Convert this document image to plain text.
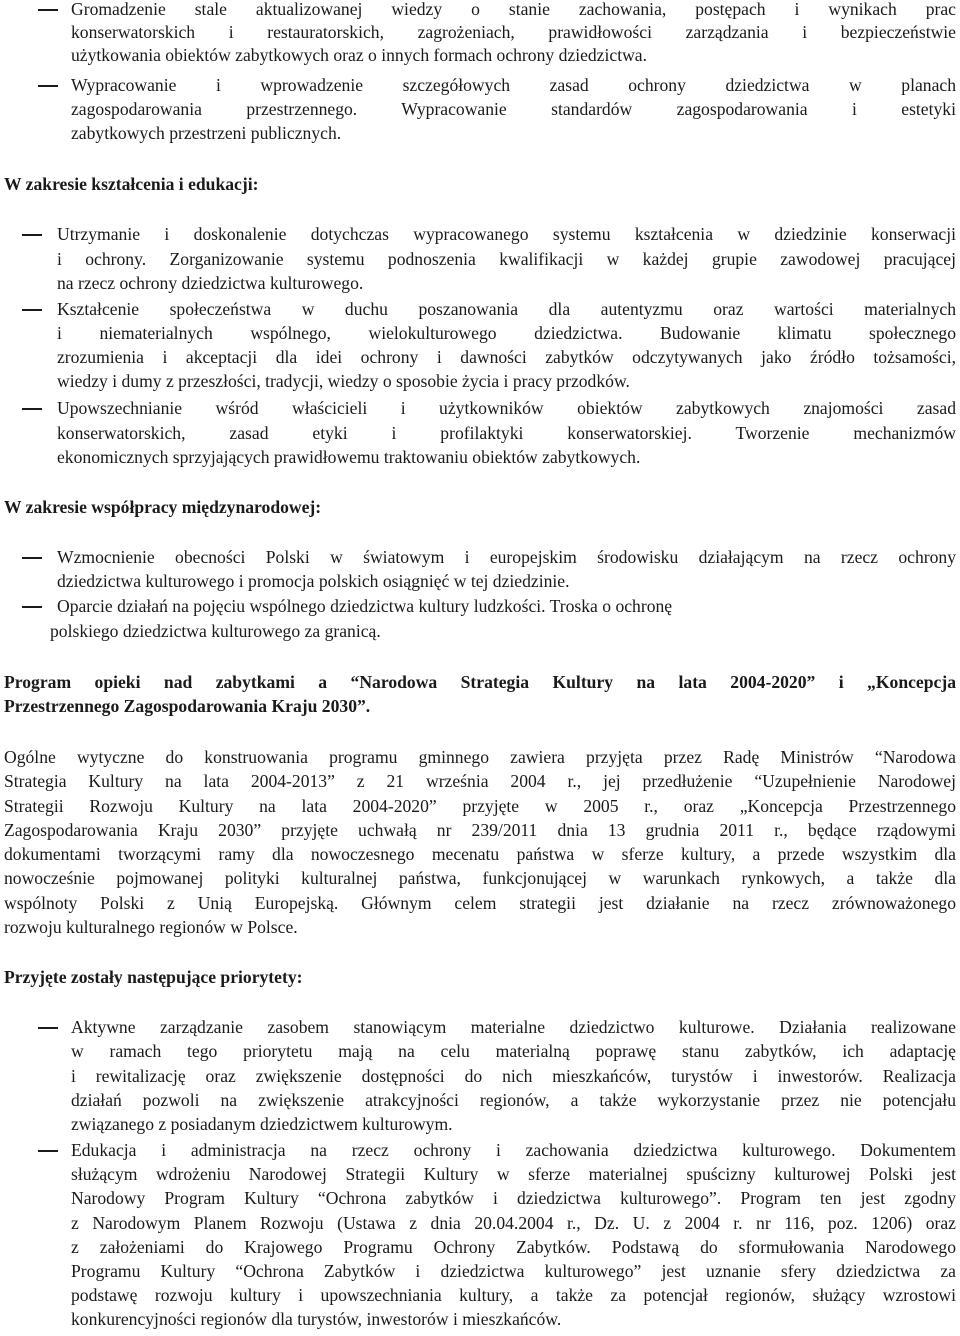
Gromadzenie stale aktualizowanej wiedzy o stanie zachowania, postępach i wynikach prac
konserwatorskich i restauratorskich, zagrożeniach, prawidłowości zarządzania i bezpieczeństwie
użytkowania obiektów zabytkowych oraz o innych formach ochrony dziedzictwa.
Wypracowanie i wprowadzenie szczegółowych zasad ochrony dziedzictwa w planach
zagospodarowania przestrzennego. Wypracowanie standardów zagospodarowania i estetyki
zabytkowych przestrzeni publicznych.
W zakresie kształcenia i edukacji:
Utrzymanie i doskonalenie dotychczas wypracowanego systemu kształcenia w dziedzinie konserwacji
i ochrony. Zorganizowanie systemu podnoszenia kwalifikacji w każdej grupie zawodowej pracującej
na rzecz ochrony dziedzictwa kulturowego.
Kształcenie społeczeństwa w duchu poszanowania dla autentyzmu oraz wartości materialnych
i niematerialnych wspólnego, wielokulturowego dziedzictwa. Budowanie klimatu społecznego
zrozumienia i akceptacji dla idei ochrony i dawności zabytków odczytywanych jako źródło tożsamości,
wiedzy i dumy z przeszłości, tradycji, wiedzy o sposobie życia i pracy przodków.
Upowszechnianie wśród właścicieli i użytkowników obiektów zabytkowych znajomości zasad
konserwatorskich, zasad etyki i profilaktyki konserwatorskiej. Tworzenie mechanizmów
ekonomicznych sprzyjających prawidłowemu traktowaniu obiektów zabytkowych.
W zakresie współpracy międzynarodowej:
Wzmocnienie obecności Polski w światowym i europejskim środowisku działającym na rzecz ochrony
dziedzictwa kulturowego i promocja polskich osiągnięć w tej dziedzinie.
Oparcie działań na pojęciu wspólnego dziedzictwa kultury ludzkości. Troska o ochronę
polskiego dziedzictwa kulturowego za granicą.
Program opieki nad zabytkami a “Narodowa Strategia Kultury na lata 2004-2020” i „Koncepcja
Przestrzennego Zagospodarowania Kraju 2030”.
Ogólne wytyczne do konstruowania programu gminnego zawiera przyjęta przez Radę Ministrów “Narodowa
Strategia Kultury na lata 2004-2013” z 21 września 2004 r., jej przedłużenie “Uzupełnienie Narodowej
Strategii Rozwoju Kultury na lata 2004-2020” przyjęte w 2005 r., oraz „Koncepcja Przestrzennego
Zagospodarowania Kraju 2030” przyjęte uchwałą nr 239/2011 dnia 13 grudnia 2011 r., będące rządowymi
dokumentami tworzącymi ramy dla nowoczesnego mecenatu państwa w sferze kultury, a przede wszystkim dla
nowocześnie pojmowanej polityki kulturalnej państwa, funkcjonującej w warunkach rynkowych, a także dla
wspólnoty Polski z Unią Europejską. Głównym celem strategii jest działanie na rzecz zrównoważonego
rozwoju kulturalnego regionów w Polsce.
Przyjęte zostały następujące priorytety:
Aktywne zarządzanie zasobem stanowiącym materialne dziedzictwo kulturowe. Działania realizowane
w ramach tego priorytetu mają na celu materialną poprawę stanu zabytków, ich adaptację
i rewitalizację oraz zwiększenie dostępności do nich mieszkańców, turystów i inwestorów. Realizacja
działań pozwoli na zwiększenie atrakcyjności regionów, a także wykorzystanie przez nie potencjału
związanego z posiadanym dziedzictwem kulturowym.
Edukacja i administracja na rzecz ochrony i zachowania dziedzictwa kulturowego. Dokumentem
służącym wdrożeniu Narodowej Strategii Kultury w sferze materialnej spuścizny kulturowej Polski jest
Narodowy Program Kultury “Ochrona zabytków i dziedzictwa kulturowego”. Program ten jest zgodny
z Narodowym Planem Rozwoju (Ustawa z dnia 20.04.2004 r., Dz. U. z 2004 r. nr 116, poz. 1206) oraz
z założeniami do Krajowego Programu Ochrony Zabytków. Podstawą do sformułowania Narodowego
Programu Kultury “Ochrona Zabytków i dziedzictwa kulturowego” jest uznanie sfery dziedzictwa za
podstawę rozwoju kultury i upowszechniania kultury, a także za potencjał regionów, służący wzrostowi
konkurencyjności regionów dla turystów, inwestorów i mieszkańców.
